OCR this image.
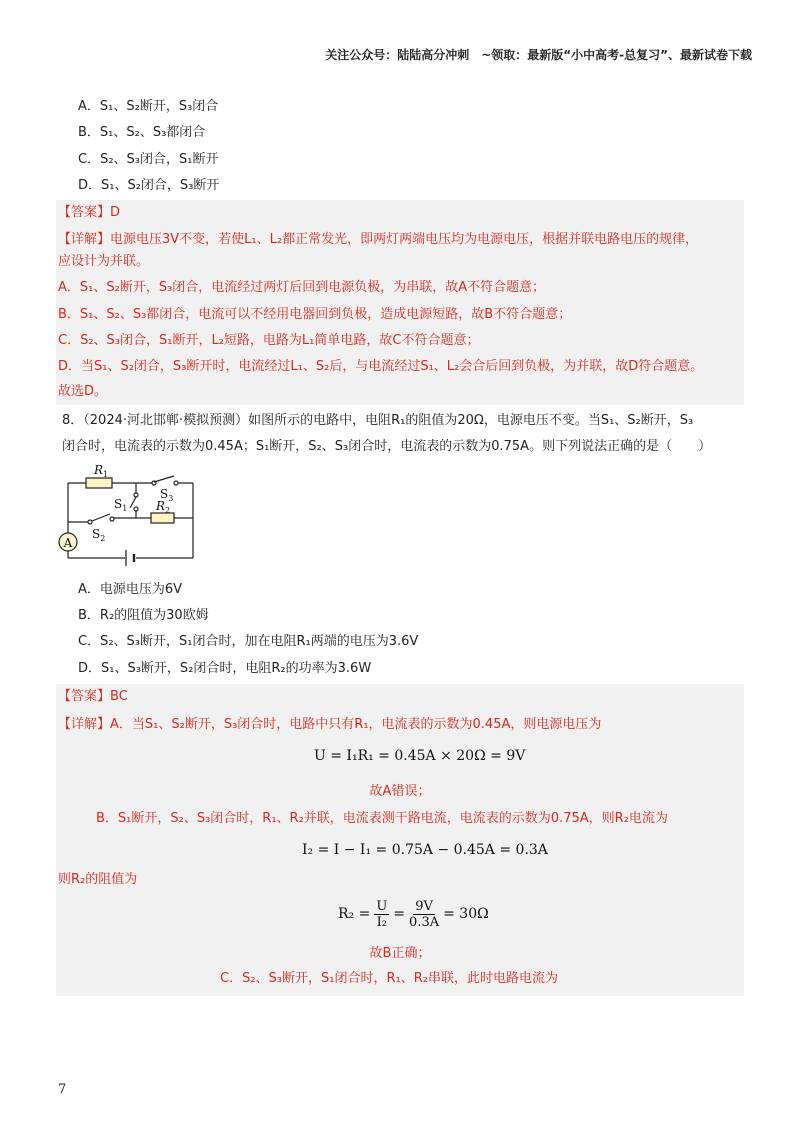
关注公众号：陆陆高分冲刺　~领取：最新版“小中高考-总复习”、最新试卷下载
A．S₁、S₂断开，S₃闭合
B．S₁、S₂、S₃都闭合
C．S₂、S₃闭合，S₁断开
D．S₁、S₂闭合，S₃断开
【答案】D
【详解】电源电压3V不变，若使L₁、L₂都正常发光，即两灯两端电压均为电源电压，根据并联电路电压的规律，
应设计为并联。
A．S₁、S₂断开，S₃闭合，电流经过两灯后回到电源负极，为串联，故A不符合题意；
B．S₁、S₂、S₃都闭合，电流可以不经用电器回到负极，造成电源短路，故B不符合题意；
C．S₂、S₃闭合，S₁断开，L₂短路，电路为L₁简单电路，故C不符合题意；
D．当S₁、S₂闭合，S₃断开时，电流经过L₁、S₂后，与电流经过S₁、L₂会合后回到负极，为并联，故D符合题意。
故选D。
8．（2024·河北邯郸·模拟预测）如图所示的电路中，电阻R₁的阻值为20Ω，电源电压不变。当S₁、S₂断开，S₃
闭合时，电流表的示数为0.45A；S₁断开，S₂、S₃闭合时，电流表的示数为0.75A。则下列说法正确的是（　　）
A
$R_1$
$R_2$
$S_3$
$S_1$
$S_2$
A．电源电压为6V
B．R₂的阻值为30欧姆
C．S₂、S₃断开，S₁闭合时，加在电阻R₁两端的电压为3.6V
D．S₁、S₃断开，S₂闭合时，电阻R₂的功率为3.6W
【答案】BC
【详解】A．当S₁、S₂断开，S₃闭合时，电路中只有R₁，电流表的示数为0.45A，则电源电压为
U = I₁R₁ = 0.45A × 20Ω = 9V
故A错误；
B．S₁断开，S₂、S₃闭合时，R₁、R₂并联，电流表测干路电流，电流表的示数为0.75A，则R₂电流为
I₂ = I − I₁ = 0.75A − 0.45A = 0.3A
则R₂的阻值为
$R_2 = \frac{U}{\text{I₂}} = \frac{9V}{0.3A} = 30\Omega$
故B正确；
C．S₂、S₃断开，S₁闭合时，R₁、R₂串联，此时电路电流为
7
